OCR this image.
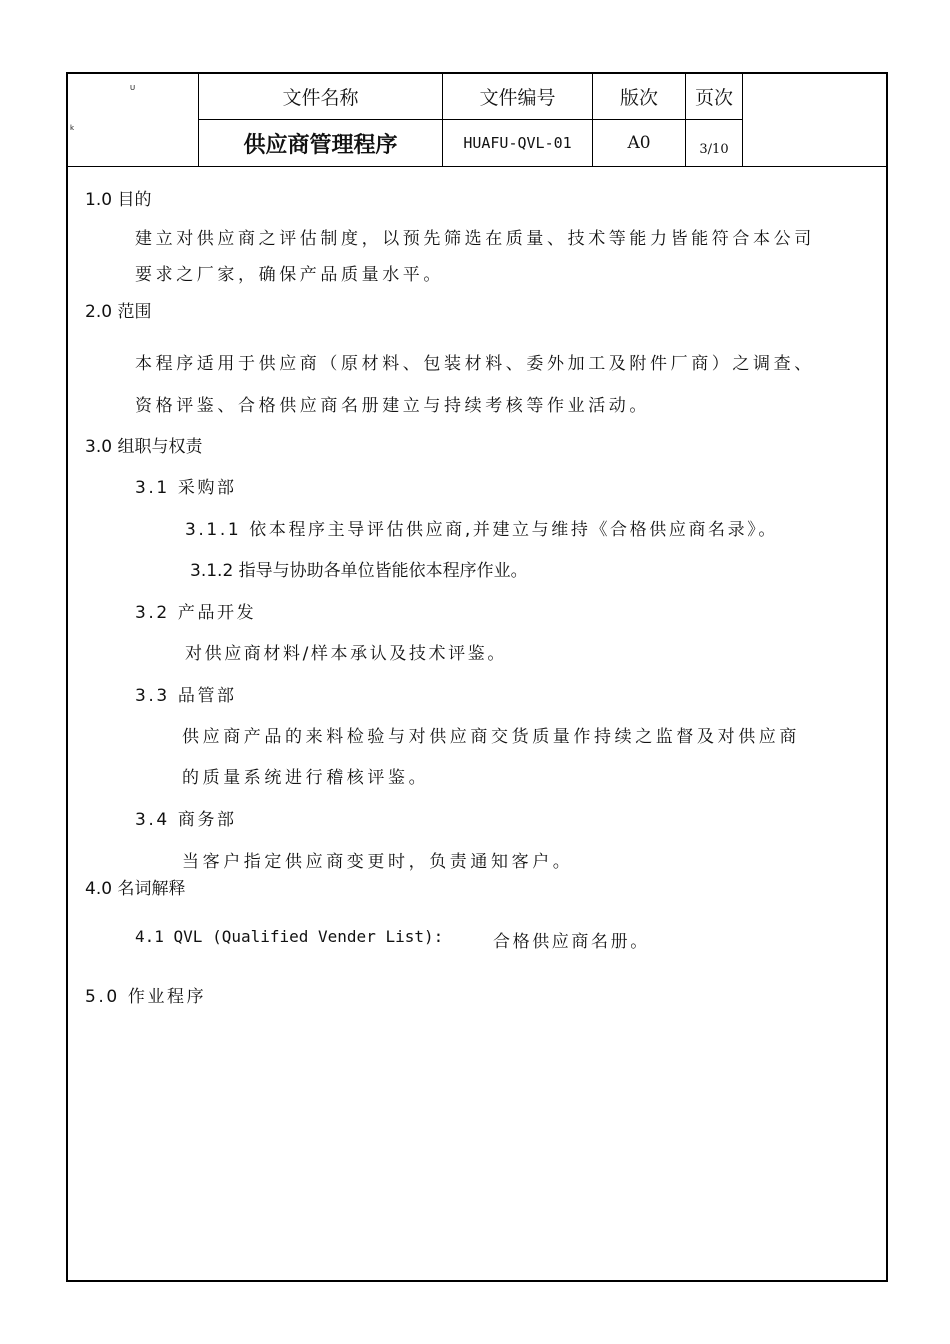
U
k
文件名称	文件编号	版次	页次
供应商管理程序	HUAFU-QVL-01	A0	3/10
1.0 目的
建立对供应商之评估制度，以预先筛选在质量、技术等能力皆能符合本公司
要求之厂家，确保产品质量水平。
2.0 范围
本程序适用于供应商（原材料、包装材料、委外加工及附件厂商）之调查、
资格评鉴、合格供应商名册建立与持续考核等作业活动。
3.0 组职与权责
3.1 采购部
3.1.1 依本程序主导评估供应商,并建立与维持《合格供应商名录》。
3.1.2 指导与协助各单位皆能依本程序作业。
3.2 产品开发
对供应商材料/样本承认及技术评鉴。
3.3 品管部
供应商产品的来料检验与对供应商交货质量作持续之监督及对供应商
的质量系统进行稽核评鉴。
3.4 商务部
当客户指定供应商变更时，负责通知客户。
4.0 名词解释
4.1 QVL (Qualified Vender List):	合格供应商名册。
5.0 作业程序
